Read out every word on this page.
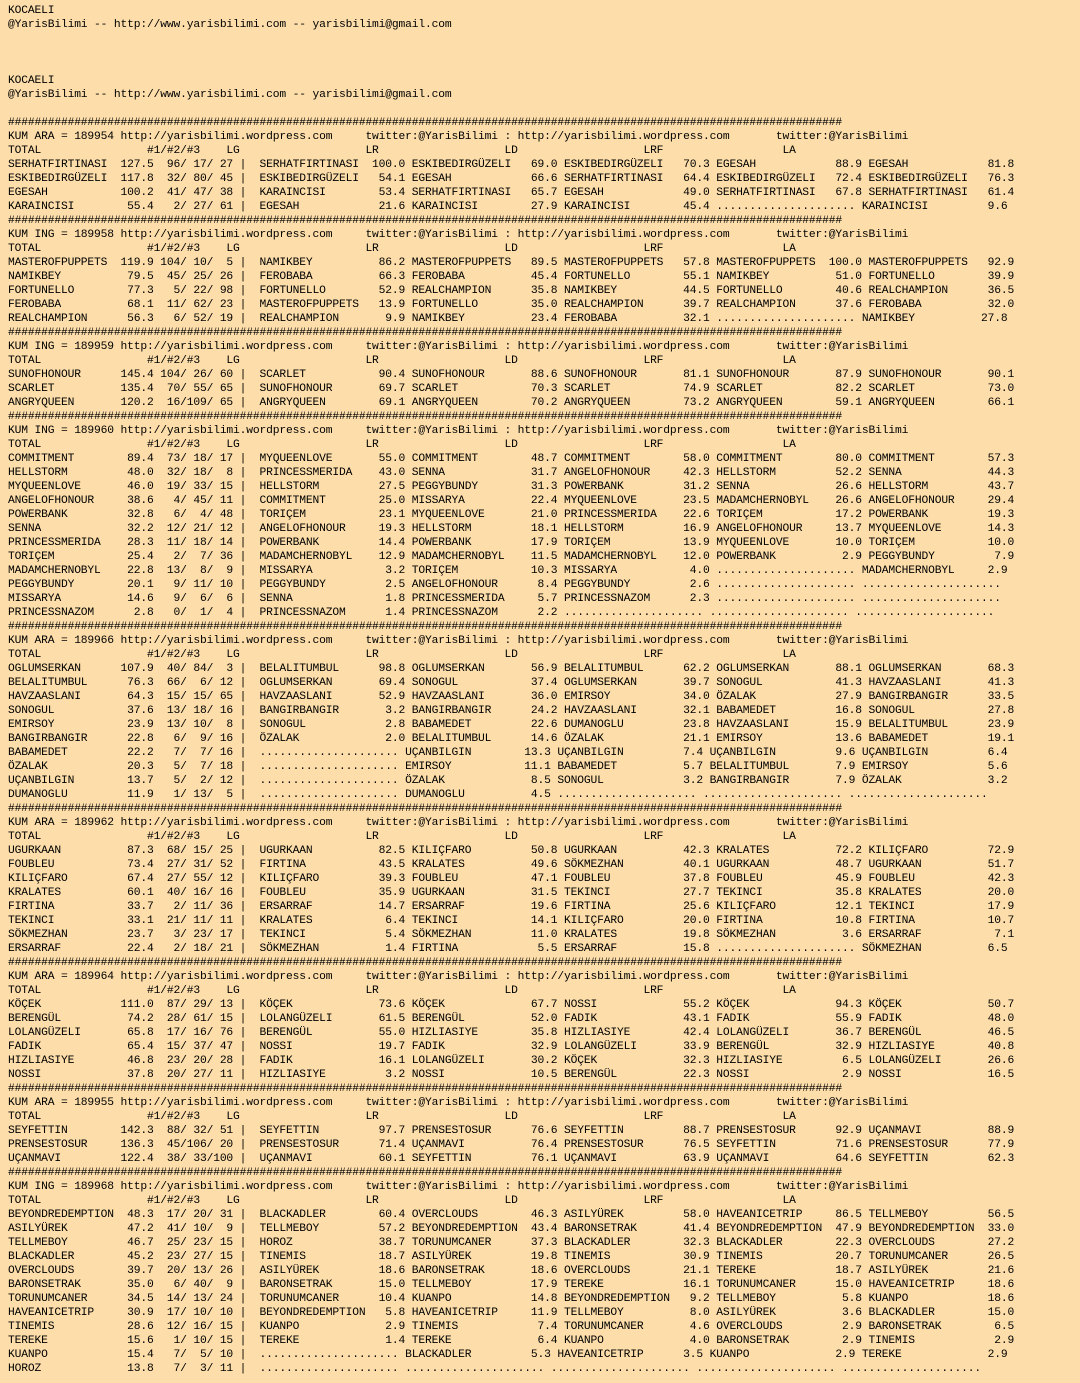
KOCAELI
@YarisBilimi -- http://www.yarisbilimi.com -- yarisbilimi@gmail.com
KOCAELI
@YarisBilimi -- http://www.yarisbilimi.com -- yarisbilimi@gmail.com
##############################################################################################################################
KUM ARA = 189954 http://yarisbilimi.wordpress.com     twitter:@YarisBilimi : http://yarisbilimi.wordpress.com       twitter:@YarisBilimi
TOTAL                #1/#2/#3    LG                   LR                   LD                   LRF                  LA
SERHATFIRTINASI  127.5  96/ 17/ 27 |  SERHATFIRTINASI  100.0 ESKIBEDIRGÜZELI   69.0 ESKIBEDIRGÜZELI   70.3 EGESAH            88.9 EGESAH            81.8
ESKIBEDIRGÜZELI  117.8  32/ 80/ 45 |  ESKIBEDIRGÜZELI   54.1 EGESAH            66.6 SERHATFIRTINASI   64.4 ESKIBEDIRGÜZELI   72.4 ESKIBEDIRGÜZELI   76.3
EGESAH           100.2  41/ 47/ 38 |  KARAINCISI        53.4 SERHATFIRTINASI   65.7 EGESAH            49.0 SERHATFIRTINASI   67.8 SERHATFIRTINASI   61.4
KARAINCISI        55.4   2/ 27/ 61 |  EGESAH            21.6 KARAINCISI        27.9 KARAINCISI        45.4 ..................... KARAINCISI         9.6
##############################################################################################################################
KUM ING = 189958 http://yarisbilimi.wordpress.com     twitter:@YarisBilimi : http://yarisbilimi.wordpress.com       twitter:@YarisBilimi
TOTAL                #1/#2/#3    LG                   LR                   LD                   LRF                  LA
MASTEROFPUPPETS  119.9 104/ 10/  5 |  NAMIKBEY          86.2 MASTEROFPUPPETS   89.5 MASTEROFPUPPETS   57.8 MASTEROFPUPPETS  100.0 MASTEROFPUPPETS   92.9
NAMIKBEY          79.5  45/ 25/ 26 |  FEROBABA          66.3 FEROBABA          45.4 FORTUNELLO        55.1 NAMIKBEY          51.0 FORTUNELLO        39.9
FORTUNELLO        77.3   5/ 22/ 98 |  FORTUNELLO        52.9 REALCHAMPION      35.8 NAMIKBEY          44.5 FORTUNELLO        40.6 REALCHAMPION      36.5
FEROBABA          68.1  11/ 62/ 23 |  MASTEROFPUPPETS   13.9 FORTUNELLO        35.0 REALCHAMPION      39.7 REALCHAMPION      37.6 FEROBABA          32.0
REALCHAMPION      56.3   6/ 52/ 19 |  REALCHAMPION       9.9 NAMIKBEY          23.4 FEROBABA          32.1 ..................... NAMIKBEY          27.8
##############################################################################################################################
KUM ING = 189959 http://yarisbilimi.wordpress.com     twitter:@YarisBilimi : http://yarisbilimi.wordpress.com       twitter:@YarisBilimi
TOTAL                #1/#2/#3    LG                   LR                   LD                   LRF                  LA
SUNOFHONOUR      145.4 104/ 26/ 60 |  SCARLET           90.4 SUNOFHONOUR       88.6 SUNOFHONOUR       81.1 SUNOFHONOUR       87.9 SUNOFHONOUR       90.1
SCARLET          135.4  70/ 55/ 65 |  SUNOFHONOUR       69.7 SCARLET           70.3 SCARLET           74.9 SCARLET           82.2 SCARLET           73.0
ANGRYQUEEN       120.2  16/109/ 65 |  ANGRYQUEEN        69.1 ANGRYQUEEN        70.2 ANGRYQUEEN        73.2 ANGRYQUEEN        59.1 ANGRYQUEEN        66.1
##############################################################################################################################
KUM ING = 189960 http://yarisbilimi.wordpress.com     twitter:@YarisBilimi : http://yarisbilimi.wordpress.com       twitter:@YarisBilimi
TOTAL                #1/#2/#3    LG                   LR                   LD                   LRF                  LA
COMMITMENT        89.4  73/ 18/ 17 |  MYQUEENLOVE       55.0 COMMITMENT        48.7 COMMITMENT        58.0 COMMITMENT        80.0 COMMITMENT        57.3
HELLSTORM         48.0  32/ 18/  8 |  PRINCESSMERIDA    43.0 SENNA             31.7 ANGELOFHONOUR     42.3 HELLSTORM         52.2 SENNA             44.3
MYQUEENLOVE       46.0  19/ 33/ 15 |  HELLSTORM         27.5 PEGGYBUNDY        31.3 POWERBANK         31.2 SENNA             26.6 HELLSTORM         43.7
ANGELOFHONOUR     38.6   4/ 45/ 11 |  COMMITMENT        25.0 MISSARYA          22.4 MYQUEENLOVE       23.5 MADAMCHERNOBYL    26.6 ANGELOFHONOUR     29.4
POWERBANK         32.8   6/  4/ 48 |  TORIÇEM           23.1 MYQUEENLOVE       21.0 PRINCESSMERIDA    22.6 TORIÇEM           17.2 POWERBANK         19.3
SENNA             32.2  12/ 21/ 12 |  ANGELOFHONOUR     19.3 HELLSTORM         18.1 HELLSTORM         16.9 ANGELOFHONOUR     13.7 MYQUEENLOVE       14.3
PRINCESSMERIDA    28.3  11/ 18/ 14 |  POWERBANK         14.4 POWERBANK         17.9 TORIÇEM           13.9 MYQUEENLOVE       10.0 TORIÇEM           10.0
TORIÇEM           25.4   2/  7/ 36 |  MADAMCHERNOBYL    12.9 MADAMCHERNOBYL    11.5 MADAMCHERNOBYL    12.0 POWERBANK          2.9 PEGGYBUNDY         7.9
MADAMCHERNOBYL    22.8  13/  8/  9 |  MISSARYA           3.2 TORIÇEM           10.3 MISSARYA           4.0 ..................... MADAMCHERNOBYL     2.9
PEGGYBUNDY        20.1   9/ 11/ 10 |  PEGGYBUNDY         2.5 ANGELOFHONOUR      8.4 PEGGYBUNDY         2.6 ..................... .....................
MISSARYA          14.6   9/  6/  6 |  SENNA              1.8 PRINCESSMERIDA     5.7 PRINCESSNAZOM      2.3 ..................... .....................
PRINCESSNAZOM      2.8   0/  1/  4 |  PRINCESSNAZOM      1.4 PRINCESSNAZOM      2.2 ..................... ..................... .....................
##############################################################################################################################
KUM ARA = 189966 http://yarisbilimi.wordpress.com     twitter:@YarisBilimi : http://yarisbilimi.wordpress.com       twitter:@YarisBilimi
TOTAL                #1/#2/#3    LG                   LR                   LD                   LRF                  LA
OGLUMSERKAN      107.9  40/ 84/  3 |  BELALITUMBUL      98.8 OGLUMSERKAN       56.9 BELALITUMBUL      62.2 OGLUMSERKAN       88.1 OGLUMSERKAN       68.3
BELALITUMBUL      76.3  66/  6/ 12 |  OGLUMSERKAN       69.4 SONOGUL           37.4 OGLUMSERKAN       39.7 SONOGUL           41.3 HAVZAASLANI       41.3
HAVZAASLANI       64.3  15/ 15/ 65 |  HAVZAASLANI       52.9 HAVZAASLANI       36.0 EMIRSOY           34.0 ÖZALAK            27.9 BANGIRBANGIR      33.5
SONOGUL           37.6  13/ 18/ 16 |  BANGIRBANGIR       3.2 BANGIRBANGIR      24.2 HAVZAASLANI       32.1 BABAMEDET         16.8 SONOGUL           27.8
EMIRSOY           23.9  13/ 10/  8 |  SONOGUL            2.8 BABAMEDET         22.6 DUMANOGLU         23.8 HAVZAASLANI       15.9 BELALITUMBUL      23.9
BANGIRBANGIR      22.8   6/  9/ 16 |  ÖZALAK             2.0 BELALITUMBUL      14.6 ÖZALAK            21.1 EMIRSOY           13.6 BABAMEDET         19.1
BABAMEDET         22.2   7/  7/ 16 |  ..................... UÇANBILGIN        13.3 UÇANBILGIN         7.4 UÇANBILGIN         9.6 UÇANBILGIN         6.4
ÖZALAK            20.3   5/  7/ 18 |  ..................... EMIRSOY           11.1 BABAMEDET          5.7 BELALITUMBUL       7.9 EMIRSOY            5.6
UÇANBILGIN        13.7   5/  2/ 12 |  ..................... ÖZALAK             8.5 SONOGUL            3.2 BANGIRBANGIR       7.9 ÖZALAK             3.2
DUMANOGLU         11.9   1/ 13/  5 |  ..................... DUMANOGLU          4.5 ..................... ..................... .....................
##############################################################################################################################
KUM ARA = 189962 http://yarisbilimi.wordpress.com     twitter:@YarisBilimi : http://yarisbilimi.wordpress.com       twitter:@YarisBilimi
TOTAL                #1/#2/#3    LG                   LR                   LD                   LRF                  LA
UGURKAAN          87.3  68/ 15/ 25 |  UGURKAAN          82.5 KILIÇFARO         50.8 UGURKAAN          42.3 KRALATES          72.2 KILIÇFARO         72.9
FOUBLEU           73.4  27/ 31/ 52 |  FIRTINA           43.5 KRALATES          49.6 SÖKMEZHAN         40.1 UGURKAAN          48.7 UGURKAAN          51.7
KILIÇFARO         67.4  27/ 55/ 12 |  KILIÇFARO         39.3 FOUBLEU           47.1 FOUBLEU           37.8 FOUBLEU           45.9 FOUBLEU           42.3
KRALATES          60.1  40/ 16/ 16 |  FOUBLEU           35.9 UGURKAAN          31.5 TEKINCI           27.7 TEKINCI           35.8 KRALATES          20.0
FIRTINA           33.7   2/ 11/ 36 |  ERSARRAF          14.7 ERSARRAF          19.6 FIRTINA           25.6 KILIÇFARO         12.1 TEKINCI           17.9
TEKINCI           33.1  21/ 11/ 11 |  KRALATES           6.4 TEKINCI           14.1 KILIÇFARO         20.0 FIRTINA           10.8 FIRTINA           10.7
SÖKMEZHAN         23.7   3/ 23/ 17 |  TEKINCI            5.4 SÖKMEZHAN         11.0 KRALATES          19.8 SÖKMEZHAN          3.6 ERSARRAF           7.1
ERSARRAF          22.4   2/ 18/ 21 |  SÖKMEZHAN          1.4 FIRTINA            5.5 ERSARRAF          15.8 ..................... SÖKMEZHAN          6.5
##############################################################################################################################
KUM ARA = 189964 http://yarisbilimi.wordpress.com     twitter:@YarisBilimi : http://yarisbilimi.wordpress.com       twitter:@YarisBilimi
TOTAL                #1/#2/#3    LG                   LR                   LD                   LRF                  LA
KÖÇEK            111.0  87/ 29/ 13 |  KÖÇEK             73.6 KÖÇEK             67.7 NOSSI             55.2 KÖÇEK             94.3 KÖÇEK             50.7
BERENGÜL          74.2  28/ 61/ 15 |  LOLANGÜZELI       61.5 BERENGÜL          52.0 FADIK             43.1 FADIK             55.9 FADIK             48.0
LOLANGÜZELI       65.8  17/ 16/ 76 |  BERENGÜL          55.0 HIZLIASIYE        35.8 HIZLIASIYE        42.4 LOLANGÜZELI       36.7 BERENGÜL          46.5
FADIK             65.4  15/ 37/ 47 |  NOSSI             19.7 FADIK             32.9 LOLANGÜZELI       33.9 BERENGÜL          32.9 HIZLIASIYE        40.8
HIZLIASIYE        46.8  23/ 20/ 28 |  FADIK             16.1 LOLANGÜZELI       30.2 KÖÇEK             32.3 HIZLIASIYE         6.5 LOLANGÜZELI       26.6
NOSSI             37.8  20/ 27/ 11 |  HIZLIASIYE         3.2 NOSSI             10.5 BERENGÜL          22.3 NOSSI              2.9 NOSSI             16.5
##############################################################################################################################
KUM ARA = 189955 http://yarisbilimi.wordpress.com     twitter:@YarisBilimi : http://yarisbilimi.wordpress.com       twitter:@YarisBilimi
TOTAL                #1/#2/#3    LG                   LR                   LD                   LRF                  LA
SEYFETTIN        142.3  88/ 32/ 51 |  SEYFETTIN         97.7 PRENSESTOSUR      76.6 SEYFETTIN         88.7 PRENSESTOSUR      92.9 UÇANMAVI          88.9
PRENSESTOSUR     136.3  45/106/ 20 |  PRENSESTOSUR      71.4 UÇANMAVI          76.4 PRENSESTOSUR      76.5 SEYFETTIN         71.6 PRENSESTOSUR      77.9
UÇANMAVI         122.4  38/ 33/100 |  UÇANMAVI          60.1 SEYFETTIN         76.1 UÇANMAVI          63.9 UÇANMAVI          64.6 SEYFETTIN         62.3
##############################################################################################################################
KUM ING = 189968 http://yarisbilimi.wordpress.com     twitter:@YarisBilimi : http://yarisbilimi.wordpress.com       twitter:@YarisBilimi
TOTAL                #1/#2/#3    LG                   LR                   LD                   LRF                  LA
BEYONDREDEMPTION  48.3  17/ 20/ 31 |  BLACKADLER        60.4 OVERCLOUDS        46.3 ASILYÜREK         58.0 HAVEANICETRIP     86.5 TELLMEBOY         56.5
ASILYÜREK         47.2  41/ 10/  9 |  TELLMEBOY         57.2 BEYONDREDEMPTION  43.4 BARONSETRAK       41.4 BEYONDREDEMPTION  47.9 BEYONDREDEMPTION  33.0
TELLMEBOY         46.7  25/ 23/ 15 |  HOROZ             38.7 TORUNUMCANER      37.3 BLACKADLER        32.3 BLACKADLER        22.3 OVERCLOUDS        27.2
BLACKADLER        45.2  23/ 27/ 15 |  TINEMIS           18.7 ASILYÜREK         19.8 TINEMIS           30.9 TINEMIS           20.7 TORUNUMCANER      26.5
OVERCLOUDS        39.7  20/ 13/ 26 |  ASILYÜREK         18.6 BARONSETRAK       18.6 OVERCLOUDS        21.1 TEREKE            18.7 ASILYÜREK         21.6
BARONSETRAK       35.0   6/ 40/  9 |  BARONSETRAK       15.0 TELLMEBOY         17.9 TEREKE            16.1 TORUNUMCANER      15.0 HAVEANICETRIP     18.6
TORUNUMCANER      34.5  14/ 13/ 24 |  TORUNUMCANER      10.4 KUANPO            14.8 BEYONDREDEMPTION   9.2 TELLMEBOY          5.8 KUANPO            18.6
HAVEANICETRIP     30.9  17/ 10/ 10 |  BEYONDREDEMPTION   5.8 HAVEANICETRIP     11.9 TELLMEBOY          8.0 ASILYÜREK          3.6 BLACKADLER        15.0
TINEMIS           28.6  12/ 16/ 15 |  KUANPO             2.9 TINEMIS            7.4 TORUNUMCANER       4.6 OVERCLOUDS         2.9 BARONSETRAK        6.5
TEREKE            15.6   1/ 10/ 15 |  TEREKE             1.4 TEREKE             6.4 KUANPO             4.0 BARONSETRAK        2.9 TINEMIS            2.9
KUANPO            15.4   7/  5/ 10 |  ..................... BLACKADLER         5.3 HAVEANICETRIP      3.5 KUANPO             2.9 TEREKE             2.9
HOROZ             13.8   7/  3/ 11 |  ..................... ..................... ..................... ..................... .....................
